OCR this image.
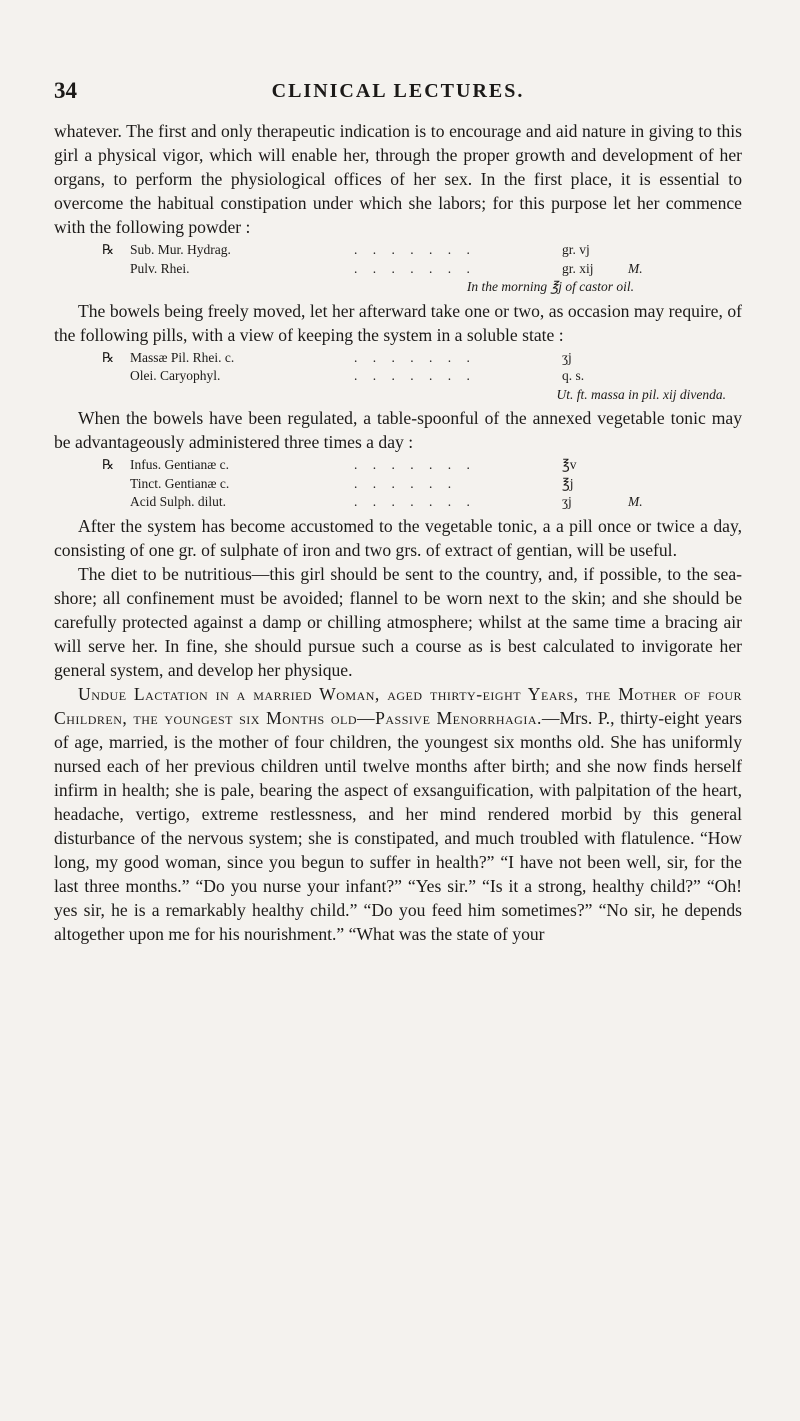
34	CLINICAL LECTURES.

whatever. The first and only therapeutic indication is to encourage and aid nature in giving to this girl a physical vigor, which will enable her, through the proper growth and development of her organs, to perform the physiological offices of her sex. In the first place, it is essential to overcome the habitual constipation under which she labors; for this purpose let her commence with the following powder :

℞ Sub. Mur. Hydrag.	. . . . . . .	gr. vj
Pulv. Rhei.	. . . . . . .	gr. xij	M.
In the morning ℥j of castor oil.

The bowels being freely moved, let her afterward take one or two, as occasion may require, of the following pills, with a view of keeping the system in a soluble state :

℞ Massæ Pil. Rhei. c.	. . . . . . .	ʒj
Olei. Caryophyl.	. . . . . . .	q. s.
Ut. ft. massa in pil. xij divenda.

When the bowels have been regulated, a table-spoonful of the annexed vegetable tonic may be advantageously administered three times a day :

℞ Infus. Gentianæ c.	. . . . . . .	℥v
Tinct. Gentianæ c.	. . . . . .	℥j
Acid Sulph. dilut.	. . . . . . .	ʒj	M.

After the system has become accustomed to the vegetable tonic, a a pill once or twice a day, consisting of one gr. of sulphate of iron and two grs. of extract of gentian, will be useful.

The diet to be nutritious—this girl should be sent to the country, and, if possible, to the sea-shore; all confinement must be avoided; flannel to be worn next to the skin; and she should be carefully protected against a damp or chilling atmosphere; whilst at the same time a bracing air will serve her. In fine, she should pursue such a course as is best calculated to invigorate her general system, and develop her physique.

Undue Lactation in a married Woman, aged thirty-eight Years, the Mother of four Children, the youngest six Months old—Passive Menorrhagia.—Mrs. P., thirty-eight years of age, married, is the mother of four children, the youngest six months old. She has uniformly nursed each of her previous children until twelve months after birth; and she now finds herself infirm in health; she is pale, bearing the aspect of exsanguification, with palpitation of the heart, headache, vertigo, extreme restlessness, and her mind rendered morbid by this general disturbance of the nervous system; she is constipated, and much troubled with flatulence. “How long, my good woman, since you begun to suffer in health?” “I have not been well, sir, for the last three months.” “Do you nurse your infant?” “Yes sir.” “Is it a strong, healthy child?” “Oh! yes sir, he is a remarkably healthy child.” “Do you feed him sometimes?” “No sir, he depends altogether upon me for his nourishment.” “What was the state of your
